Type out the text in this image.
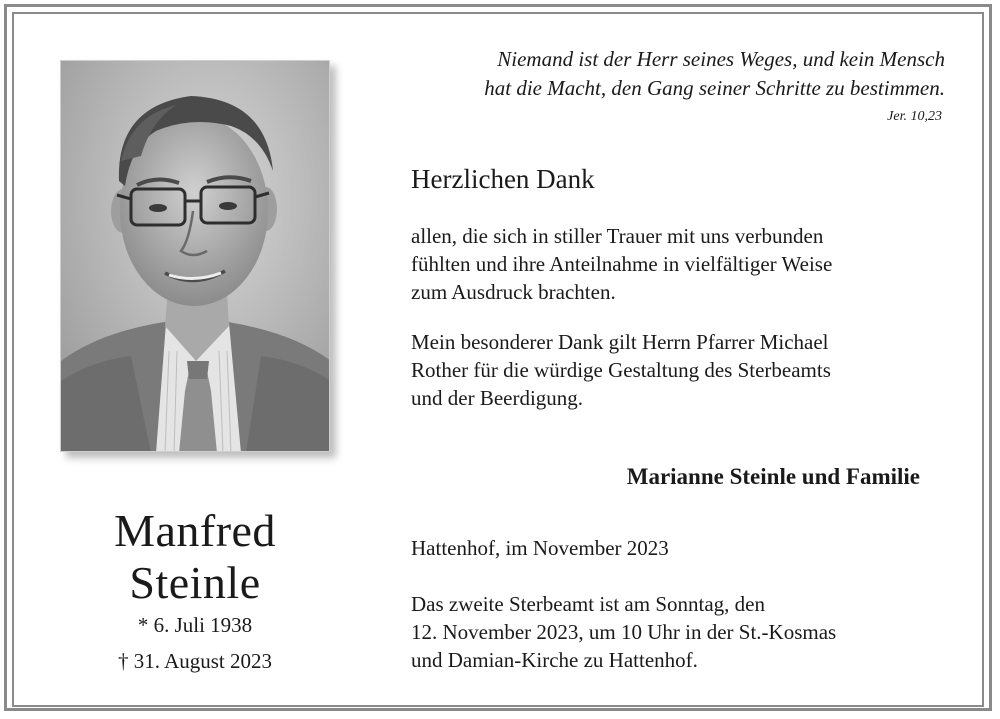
Manfred
Steinle
* 6. Juli 1938
† 31. August 2023
Niemand ist der Herr seines Weges, und kein Mensch
hat die Macht, den Gang seiner Schritte zu bestimmen.
Jer. 10,23
Herzlichen Dank
allen, die sich in stiller Trauer mit uns verbunden
fühlten und ihre Anteilnahme in vielfältiger Weise
zum Ausdruck brachten.
Mein besonderer Dank gilt Herrn Pfarrer Michael
Rother für die würdige Gestaltung des Sterbeamts
und der Beerdigung.
Marianne Steinle und Familie
Hattenhof, im November 2023
Das zweite Sterbeamt ist am Sonntag, den
12. November 2023, um 10 Uhr in der St.-Kosmas
und Damian-Kirche zu Hattenhof.
